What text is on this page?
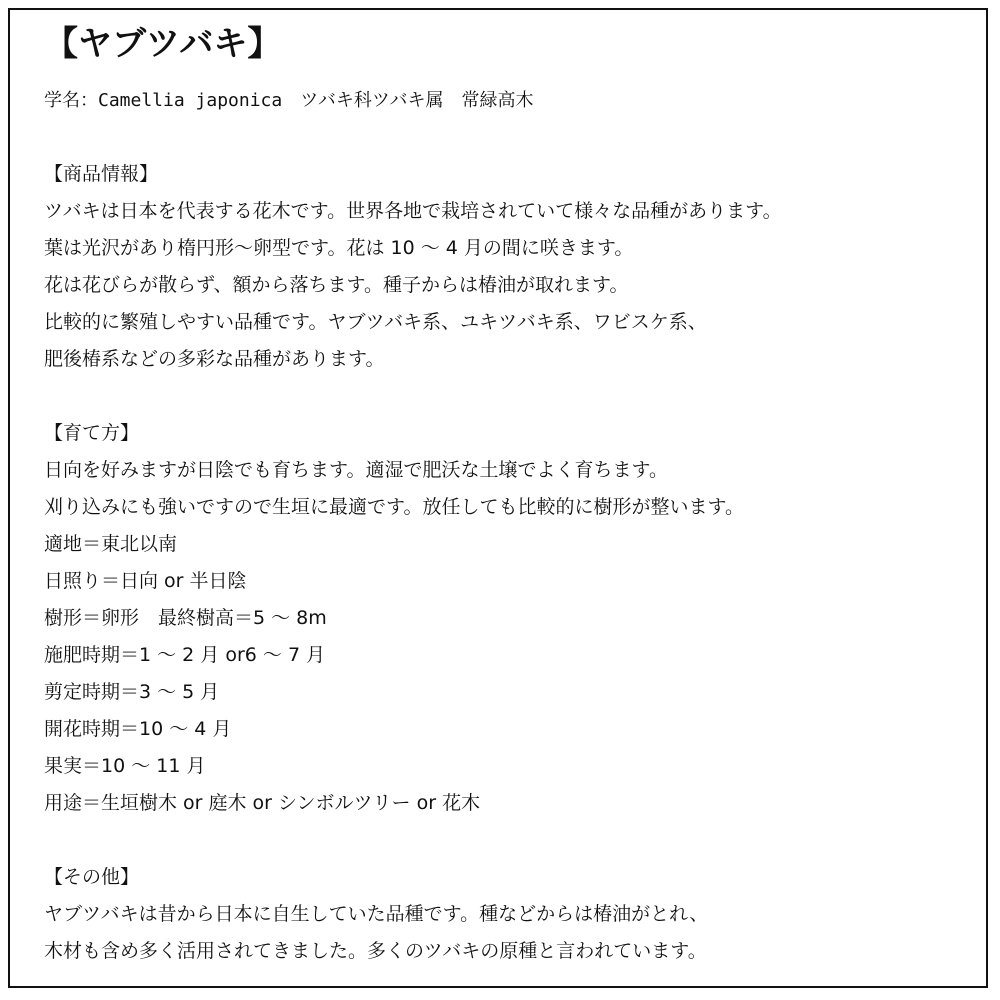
【ヤブツバキ】
学名：Camellia japonica　ツバキ科ツバキ属　常緑高木
【商品情報】
ツバキは日本を代表する花木です。世界各地で栽培されていて様々な品種があります。
葉は光沢があり楕円形～卵型です。花は 10 ～ 4 月の間に咲きます。
花は花びらが散らず、額から落ちます。種子からは椿油が取れます。
比較的に繁殖しやすい品種です。ヤブツバキ系、ユキツバキ系、ワビスケ系、
肥後椿系などの多彩な品種があります。
【育て方】
日向を好みますが日陰でも育ちます。適湿で肥沃な土壌でよく育ちます。
刈り込みにも強いですので生垣に最適です。放任しても比較的に樹形が整います。
適地＝東北以南
日照り＝日向 or 半日陰
樹形＝卵形　最終樹高＝5 ～ 8m
施肥時期＝1 ～ 2 月 or6 ～ 7 月
剪定時期＝3 ～ 5 月
開花時期＝10 ～ 4 月
果実＝10 ～ 11 月
用途＝生垣樹木 or 庭木 or シンボルツリー or 花木
【その他】
ヤブツバキは昔から日本に自生していた品種です。種などからは椿油がとれ、
木材も含め多く活用されてきました。多くのツバキの原種と言われています。
